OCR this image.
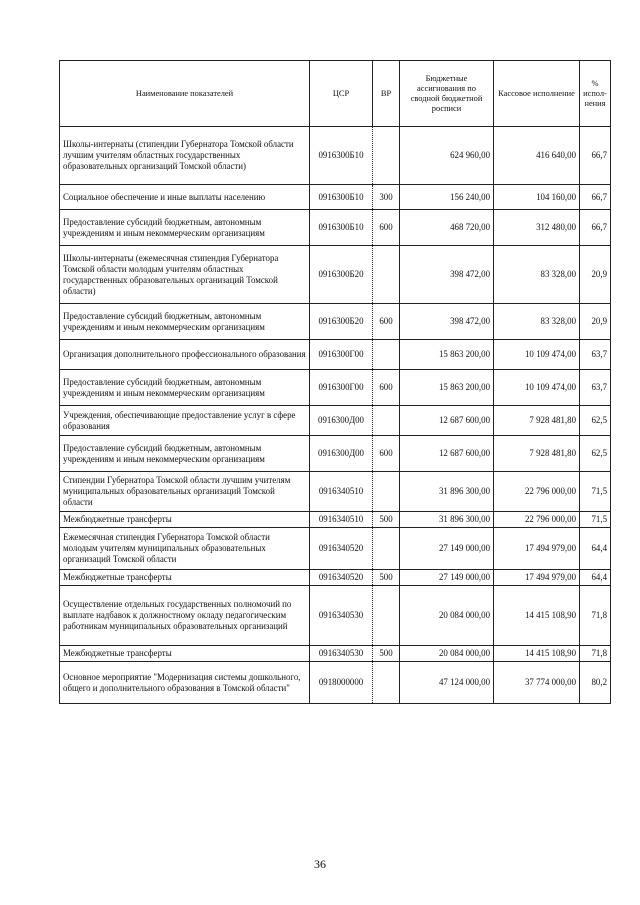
Наименование показателей	ЦСР	ВР	Бюджетные ассигнования по сводной бюджетной росписи	Кассовое исполнение	% испол-нения
Школы-интернаты (стипендии Губернатора Томской области лучшим учителям областных государственных образовательных организаций Томской области)	0916300Б10		624 960,00	416 640,00	66,7
Социальное обеспечение и иные выплаты населению	0916300Б10	300	156 240,00	104 160,00	66,7
Предоставление субсидий бюджетным, автономным учреждениям и иным некоммерческим организациям	0916300Б10	600	468 720,00	312 480,00	66,7
Школы-интернаты (ежемесячная стипендия Губернатора Томской области молодым учителям областных государственных образовательных организаций Томской области)	0916300Б20		398 472,00	83 328,00	20,9
Предоставление субсидий бюджетным, автономным учреждениям и иным некоммерческим организациям	0916300Б20	600	398 472,00	83 328,00	20,9
Организация дополнительного профессионального образования	0916300Г00		15 863 200,00	10 109 474,00	63,7
Предоставление субсидий бюджетным, автономным учреждениям и иным некоммерческим организациям	0916300Г00	600	15 863 200,00	10 109 474,00	63,7
Учреждения, обеспечивающие предоставление услуг в сфере образования	0916300Д00		12 687 600,00	7 928 481,80	62,5
Предоставление субсидий бюджетным, автономным учреждениям и иным некоммерческим организациям	0916300Д00	600	12 687 600,00	7 928 481,80	62,5
Стипендии Губернатора Томской области лучшим учителям муниципальных образовательных организаций Томской области	0916340510		31 896 300,00	22 796 000,00	71,5
Межбюджетные трансферты	0916340510	500	31 896 300,00	22 796 000,00	71,5
Ежемесячная стипендия Губернатора Томской области молодым учителям муниципальных образовательных организаций Томской области	0916340520		27 149 000,00	17 494 979,00	64,4
Межбюджетные трансферты	0916340520	500	27 149 000,00	17 494 979,00	64,4
Осуществление отдельных государственных полномочий по выплате надбавок к должностному окладу педагогическим работникам муниципальных образовательных организаций	0916340530		20 084 000,00	14 415 108,90	71,8
Межбюджетные трансферты	0916340530	500	20 084 000,00	14 415 108,90	71,8
Основное мероприятие "Модернизация системы дошкольного, общего и дополнительного образования в Томской области"	0918000000		47 124 000,00	37 774 000,00	80,2
36
